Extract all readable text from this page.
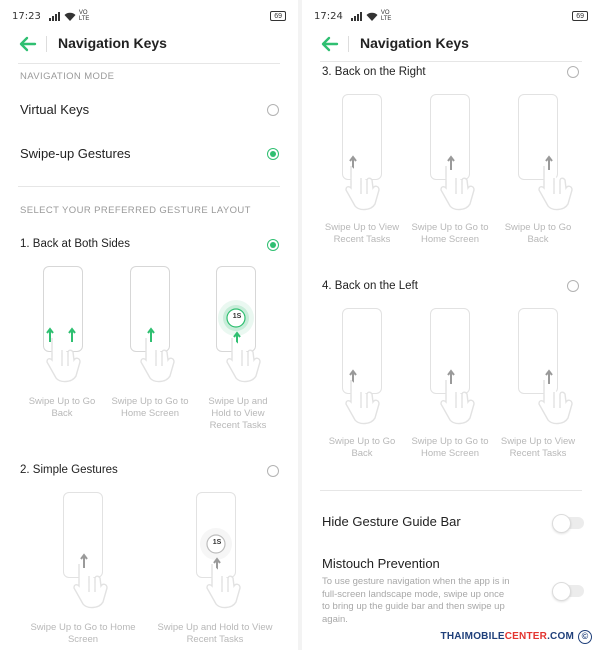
17:23	VO LTE	69
Navigation Keys
NAVIGATION MODE
Virtual Keys
Swipe-up Gestures
SELECT YOUR PREFERRED GESTURE LAYOUT
1. Back at Both Sides
1S
Swipe Up to Go
Back
Swipe Up to Go to
Home Screen
Swipe Up and
Hold to View
Recent Tasks
2. Simple Gestures
1S
Swipe Up to Go to Home
Screen
Swipe Up and Hold to View
Recent Tasks
17:24	VO LTE	69
Navigation Keys
3. Back on the Right
Swipe Up to View
Recent Tasks
Swipe Up to Go to
Home Screen
Swipe Up to Go
Back
4. Back on the Left
Swipe Up to Go
Back
Swipe Up to Go to
Home Screen
Swipe Up to View
Recent Tasks
Hide Gesture Guide Bar
Mistouch Prevention
To use gesture navigation when the app is in
full-screen landscape mode, swipe up once
to bring up the guide bar and then swipe up
again.
THAIMOBILECENTER.COM ©
